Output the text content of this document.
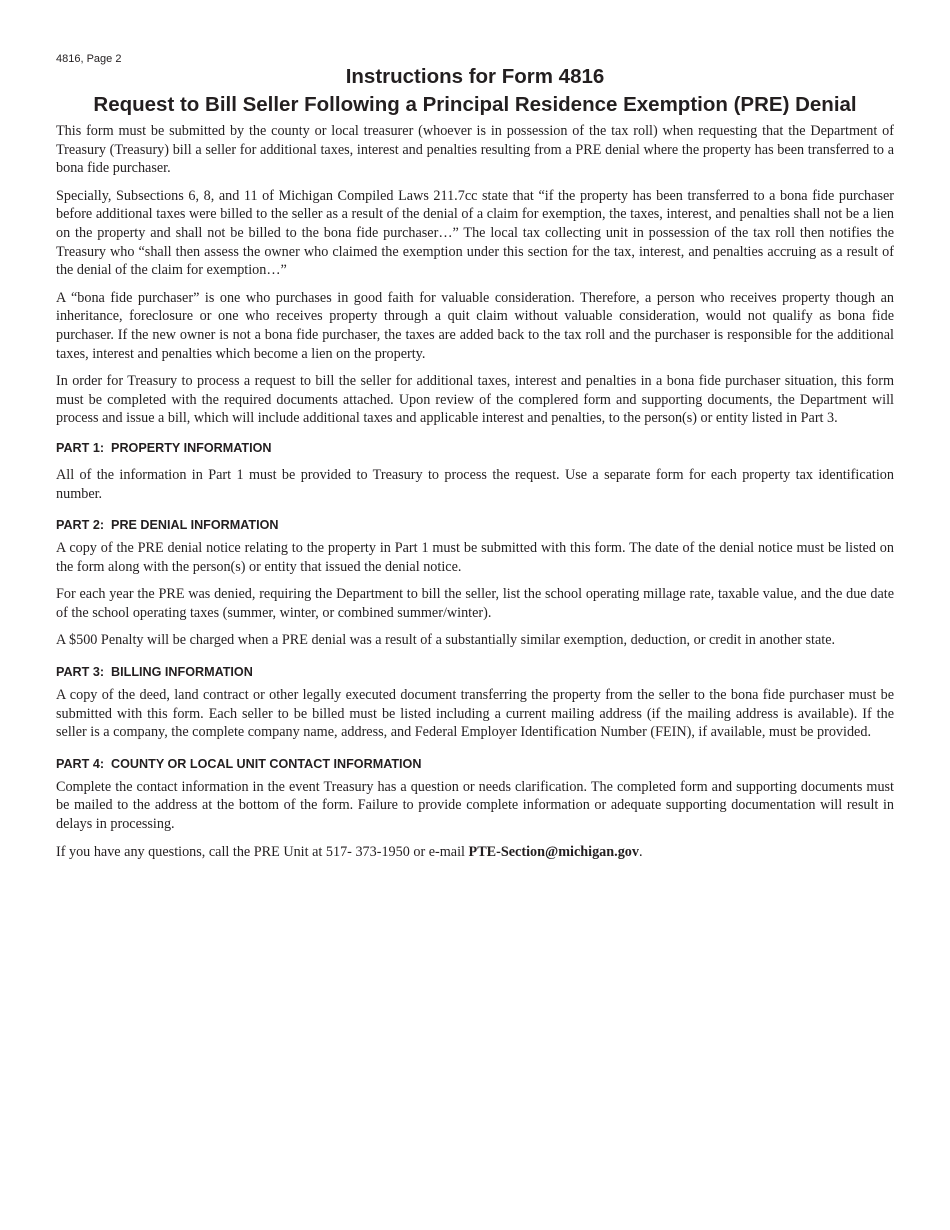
4816, Page 2
Instructions for Form 4816
Request to Bill Seller Following a Principal Residence Exemption (PRE) Denial

This form must be submitted by the county or local treasurer (whoever is in possession of the tax roll) when requesting that the Department of Treasury (Treasury) bill a seller for additional taxes, interest and penalties resulting from a PRE denial where the property has been transferred to a bona fide purchaser.

Specially, Subsections 6, 8, and 11 of Michigan Compiled Laws 211.7cc state that “if the property has been transferred to a bona fide purchaser before additional taxes were billed to the seller as a result of the denial of a claim for exemption, the taxes, interest, and penalties shall not be a lien on the property and shall not be billed to the bona fide purchaser…” The local tax collecting unit in possession of the tax roll then notifies the Treasury who “shall then assess the owner who claimed the exemption under this section for the tax, interest, and penalties accruing as a result of the denial of the claim for exemption…”

A “bona fide purchaser” is one who purchases in good faith for valuable consideration. Therefore, a person who receives property though an inheritance, foreclosure or one who receives property through a quit claim without valuable consideration, would not qualify as bona fide purchaser. If the new owner is not a bona fide purchaser, the taxes are added back to the tax roll and the purchaser is responsible for the additional taxes, interest and penalties which become a lien on the property.

In order for Treasury to process a request to bill the seller for additional taxes, interest and penalties in a bona fide purchaser situation, this form must be completed with the required documents attached. Upon review of the complered form and supporting documents, the Department will process and issue a bill, which will include additional taxes and applicable interest and penalties, to the person(s) or entity listed in Part 3.

PART 1:  PROPERTY INFORMATION

All of the information in Part 1 must be provided to Treasury to process the request. Use a separate form for each property tax identification number.

PART 2:  PRE DENIAL INFORMATION

A copy of the PRE denial notice relating to the property in Part 1 must be submitted with this form. The date of the denial notice must be listed on the form along with the person(s) or entity that issued the denial notice.

For each year the PRE was denied, requiring the Department to bill the seller, list the school operating millage rate, taxable value, and the due date of the school operating taxes (summer, winter, or combined summer/winter).

A $500 Penalty will be charged when a PRE denial was a result of a substantially similar exemption, deduction, or credit in another state.

PART 3:  BILLING INFORMATION

A copy of the deed, land contract or other legally executed document transferring the property from the seller to the bona fide purchaser must be submitted with this form. Each seller to be billed must be listed including a current mailing address (if the mailing address is available). If the seller is a company, the complete company name, address, and Federal Employer Identification Number (FEIN), if available, must be provided.

PART 4:  COUNTY OR LOCAL UNIT CONTACT INFORMATION

Complete the contact information in the event Treasury has a question or needs clarification. The completed form and supporting documents must be mailed to the address at the bottom of the form. Failure to provide complete information or adequate supporting documentation will result in delays in processing.

If you have any questions, call the PRE Unit at 517- 373-1950 or e-mail PTE-Section@michigan.gov.
